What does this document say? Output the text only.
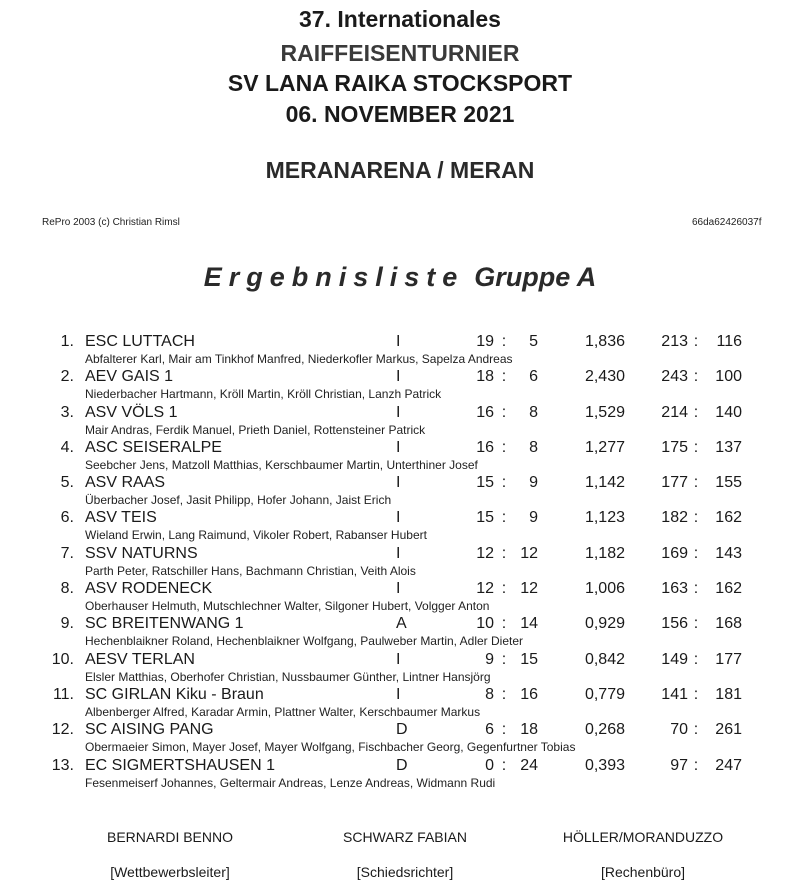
37. Internationales
RAIFFEISENTURNIER
SV LANA RAIKA STOCKSPORT
06. NOVEMBER 2021
MERANARENA / MERAN
RePro 2003 (c) Christian Rimsl	66da62426037f
Ergebnisliste Gruppe A
1. ESC LUTTACH	I	19 :	5	1,836	213 :	116
Abfalterer Karl, Mair am Tinkhof Manfred, Niederkofler Markus, Sapelza Andreas
2. AEV GAIS 1	I	18 :	6	2,430	243 :	100
Niederbacher Hartmann, Kröll Martin, Kröll Christian, Lanzh Patrick
3. ASV VÖLS 1	I	16 :	8	1,529	214 :	140
Mair Andras, Ferdik Manuel, Prieth Daniel, Rottensteiner Patrick
4. ASC SEISERALPE	I	16 :	8	1,277	175 :	137
Seebcher Jens, Matzoll Matthias, Kerschbaumer Martin, Unterthiner Josef
5. ASV RAAS	I	15 :	9	1,142	177 :	155
Überbacher Josef, Jasit Philipp, Hofer Johann, Jaist Erich
6. ASV TEIS	I	15 :	9	1,123	182 :	162
Wieland Erwin, Lang Raimund, Vikoler Robert, Rabanser Hubert
7. SSV NATURNS	I	12 : 12	1,182	169 :	143
Parth Peter, Ratschiller Hans, Bachmann Christian, Veith Alois
8. ASV RODENECK	I	12 : 12	1,006	163 :	162
Oberhauser Helmuth, Mutschlechner Walter, Silgoner Hubert, Volgger Anton
9. SC BREITENWANG 1	A	10 : 14	0,929	156 :	168
Hechenblaikner Roland, Hechenblaikner Wolfgang, Paulweber Martin, Adler Dieter
10. AESV TERLAN	I	9 : 15	0,842	149 :	177
Elsler Matthias, Oberhofer Christian, Nussbaumer Günther, Lintner Hansjörg
11. SC GIRLAN Kiku - Braun	I	8 : 16	0,779	141 :	181
Albenberger Alfred, Karadar Armin, Plattner Walter, Kerschbaumer Markus
12. SC AISING PANG	D	6 : 18	0,268	70 :	261
Obermaeier Simon, Mayer Josef, Mayer Wolfgang, Fischbacher Georg, Gegenfurtner Tobias
13. EC SIGMERTSHAUSEN 1	D	0 : 24	0,393	97 :	247
Fesenmeiserf Johannes, Geltermair Andreas, Lenze Andreas, Widmann Rudi
BERNARDI BENNO	SCHWARZ FABIAN	HÖLLER/MORANDUZZO
[Wettbewerbsleiter]	[Schiedsrichter]	[Rechenbüro]
